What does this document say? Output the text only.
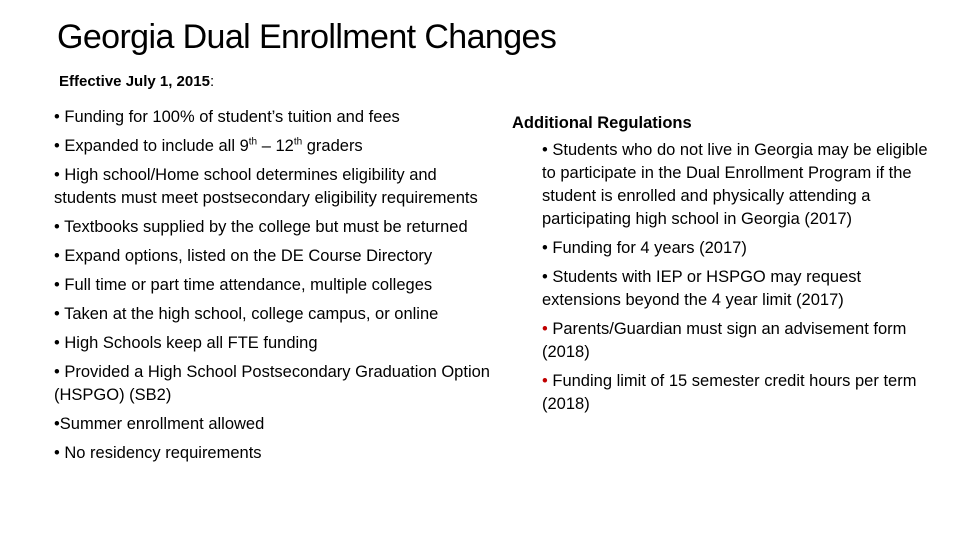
Georgia Dual Enrollment Changes
Effective July 1, 2015:
• Funding for 100% of student’s tuition and fees
• Expanded to include all 9th – 12th graders
• High school/Home school determines eligibility and students must meet postsecondary eligibility requirements
• Textbooks supplied by the college but must be returned
• Expand options, listed on the DE Course Directory
• Full time or part time attendance, multiple colleges
• Taken at the high school, college campus, or online
• High Schools keep all FTE funding
• Provided a High School Postsecondary Graduation Option (HSPGO) (SB2)
•Summer enrollment allowed
• No residency requirements
Additional Regulations
• Students who do not live in Georgia may be eligible to participate in the Dual Enrollment Program if the student is enrolled and physically attending a participating high school in Georgia (2017)
• Funding for 4 years (2017)
• Students with IEP or HSPGO may request extensions beyond the 4 year limit (2017)
• Parents/Guardian must sign an advisement form (2018)
• Funding limit of 15 semester credit hours per term (2018)
